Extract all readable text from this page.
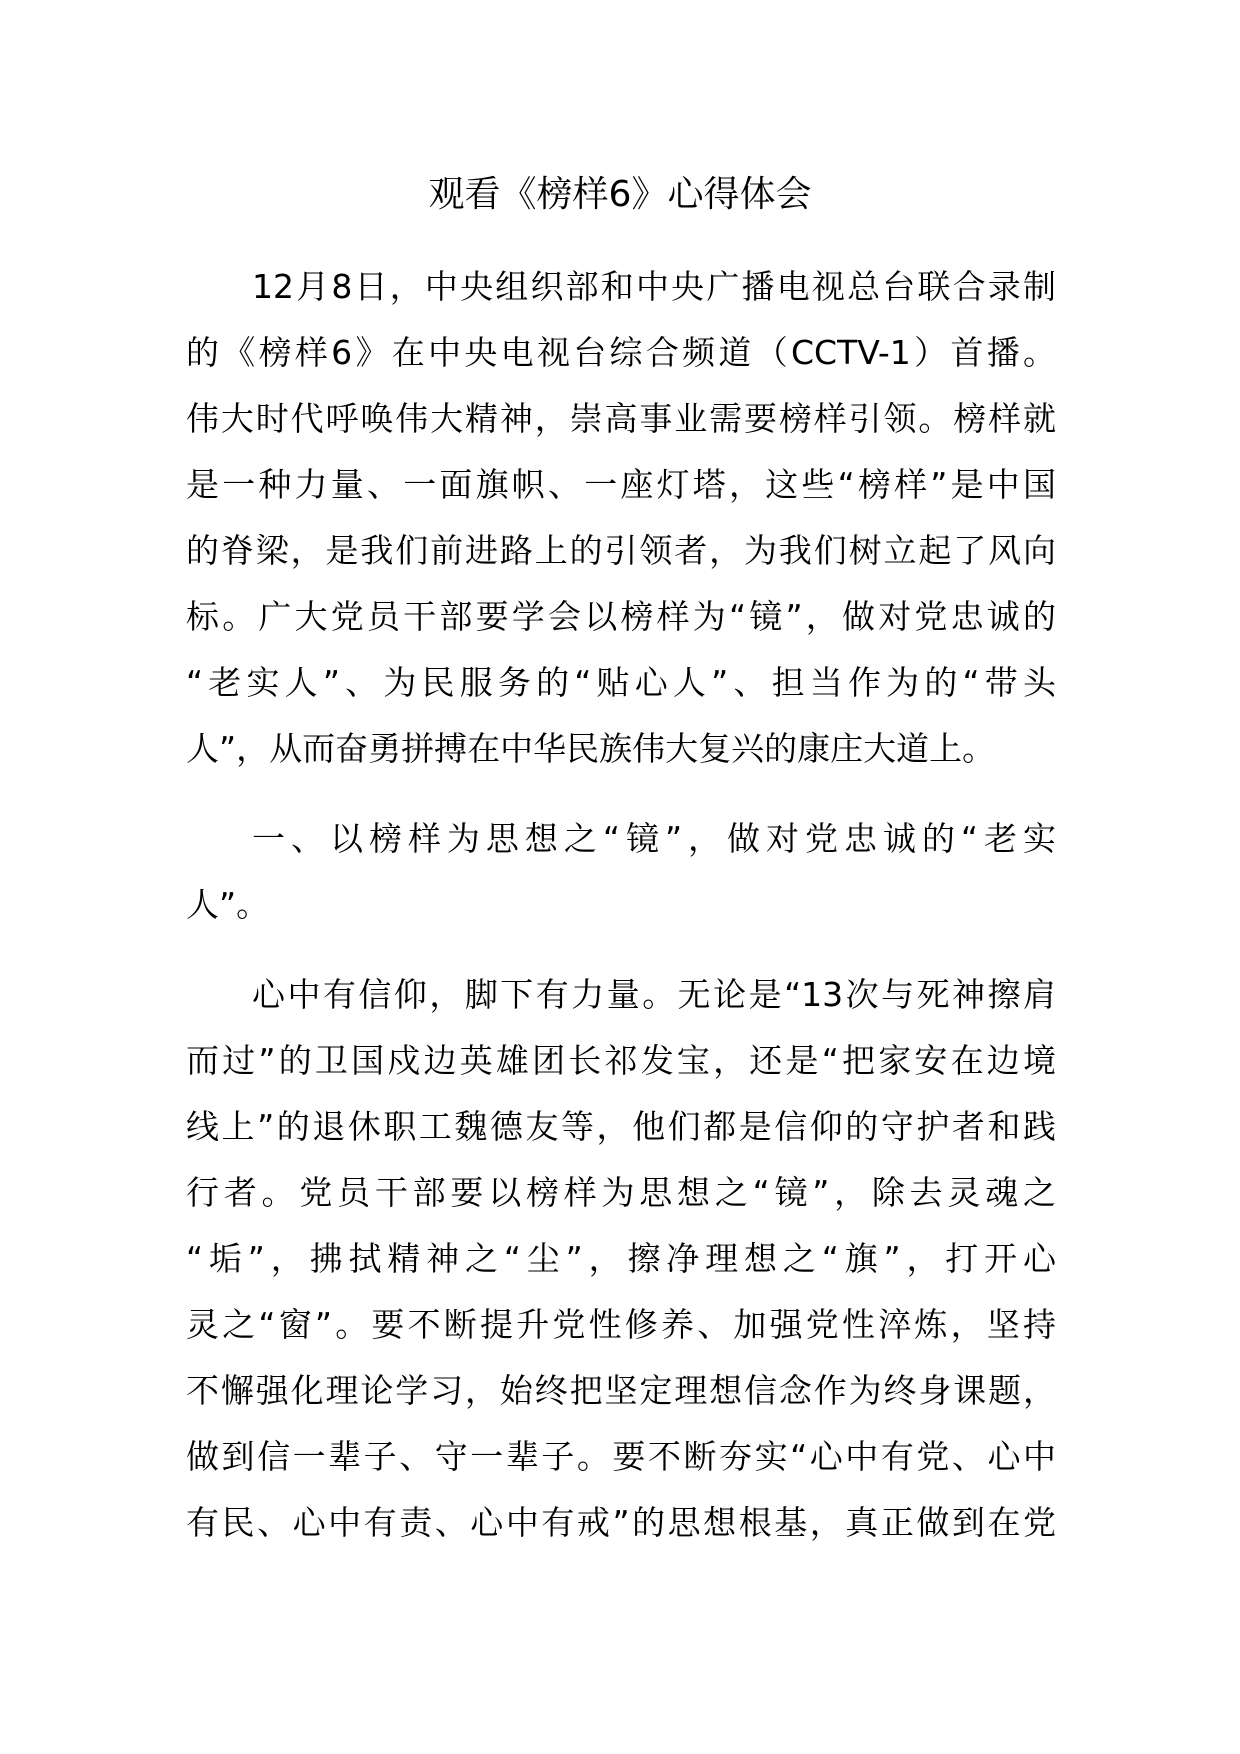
观看《榜样6》心得体会

12月8日，中央组织部和中央广播电视总台联合录制
的《榜样6》在中央电视台综合频道（CCTV-1）首播。
伟大时代呼唤伟大精神，崇高事业需要榜样引领。榜样就
是一种力量、一面旗帜、一座灯塔，这些“榜样”是中国
的脊梁，是我们前进路上的引领者，为我们树立起了风向
标。广大党员干部要学会以榜样为“镜”，做对党忠诚的
“老实人”、为民服务的“贴心人”、担当作为的“带头
人”，从而奋勇拼搏在中华民族伟大复兴的康庄大道上。

一、以榜样为思想之“镜”，做对党忠诚的“老实
人”。

心中有信仰，脚下有力量。无论是“13次与死神擦肩
而过”的卫国戍边英雄团长祁发宝，还是“把家安在边境
线上”的退休职工魏德友等，他们都是信仰的守护者和践
行者。党员干部要以榜样为思想之“镜”，除去灵魂之
“垢”，拂拭精神之“尘”，擦净理想之“旗”，打开心
灵之“窗”。要不断提升党性修养、加强党性淬炼，坚持
不懈强化理论学习，始终把坚定理想信念作为终身课题，
做到信一辈子、守一辈子。要不断夯实“心中有党、心中
有民、心中有责、心中有戒”的思想根基，真正做到在党
